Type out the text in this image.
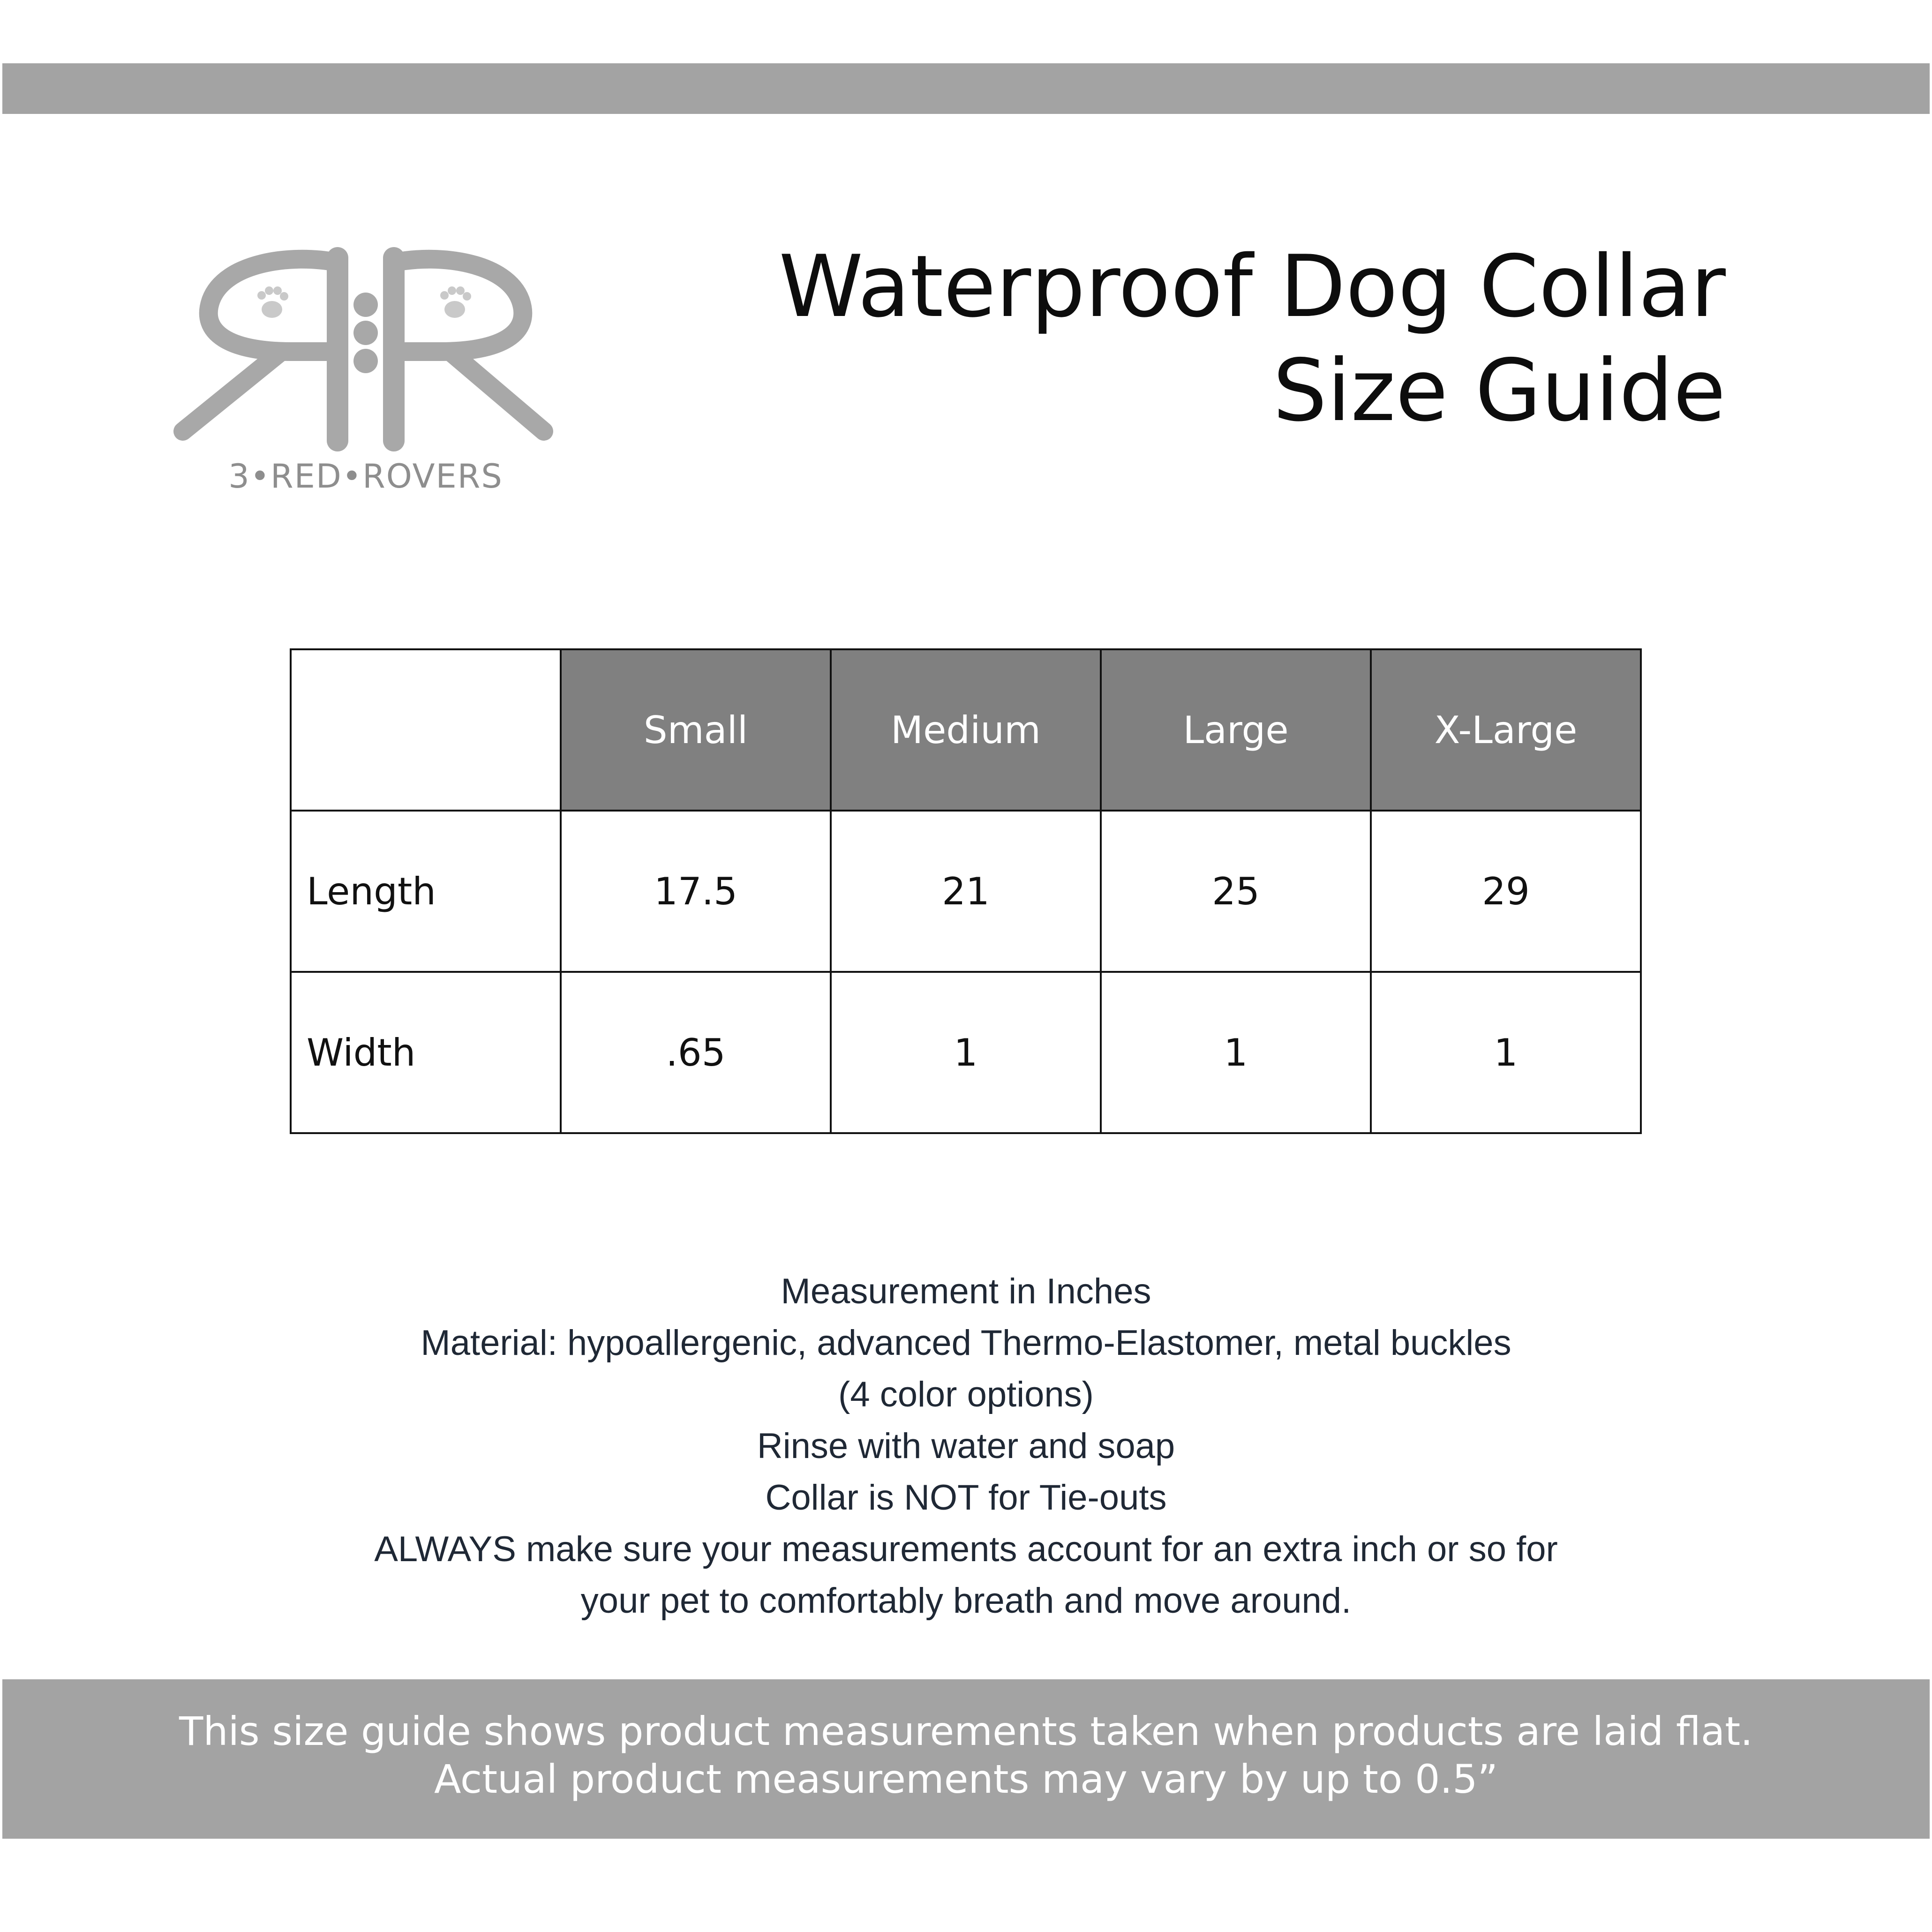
3•RED•ROVERS
Waterproof Dog Collar
Size Guide
	Small	Medium	Large	X-Large
Length	17.5	21	25	29
Width	.65	1	1	1
Measurement in Inches
Material: hypoallergenic, advanced Thermo-Elastomer, metal buckles
(4 color options)
Rinse with water and soap
Collar is NOT for Tie-outs
ALWAYS make sure your measurements account for an extra inch or so for
your pet to comfortably breath and move around.
This size guide shows product measurements taken when products are laid flat.
Actual product measurements may vary by up to 0.5”
